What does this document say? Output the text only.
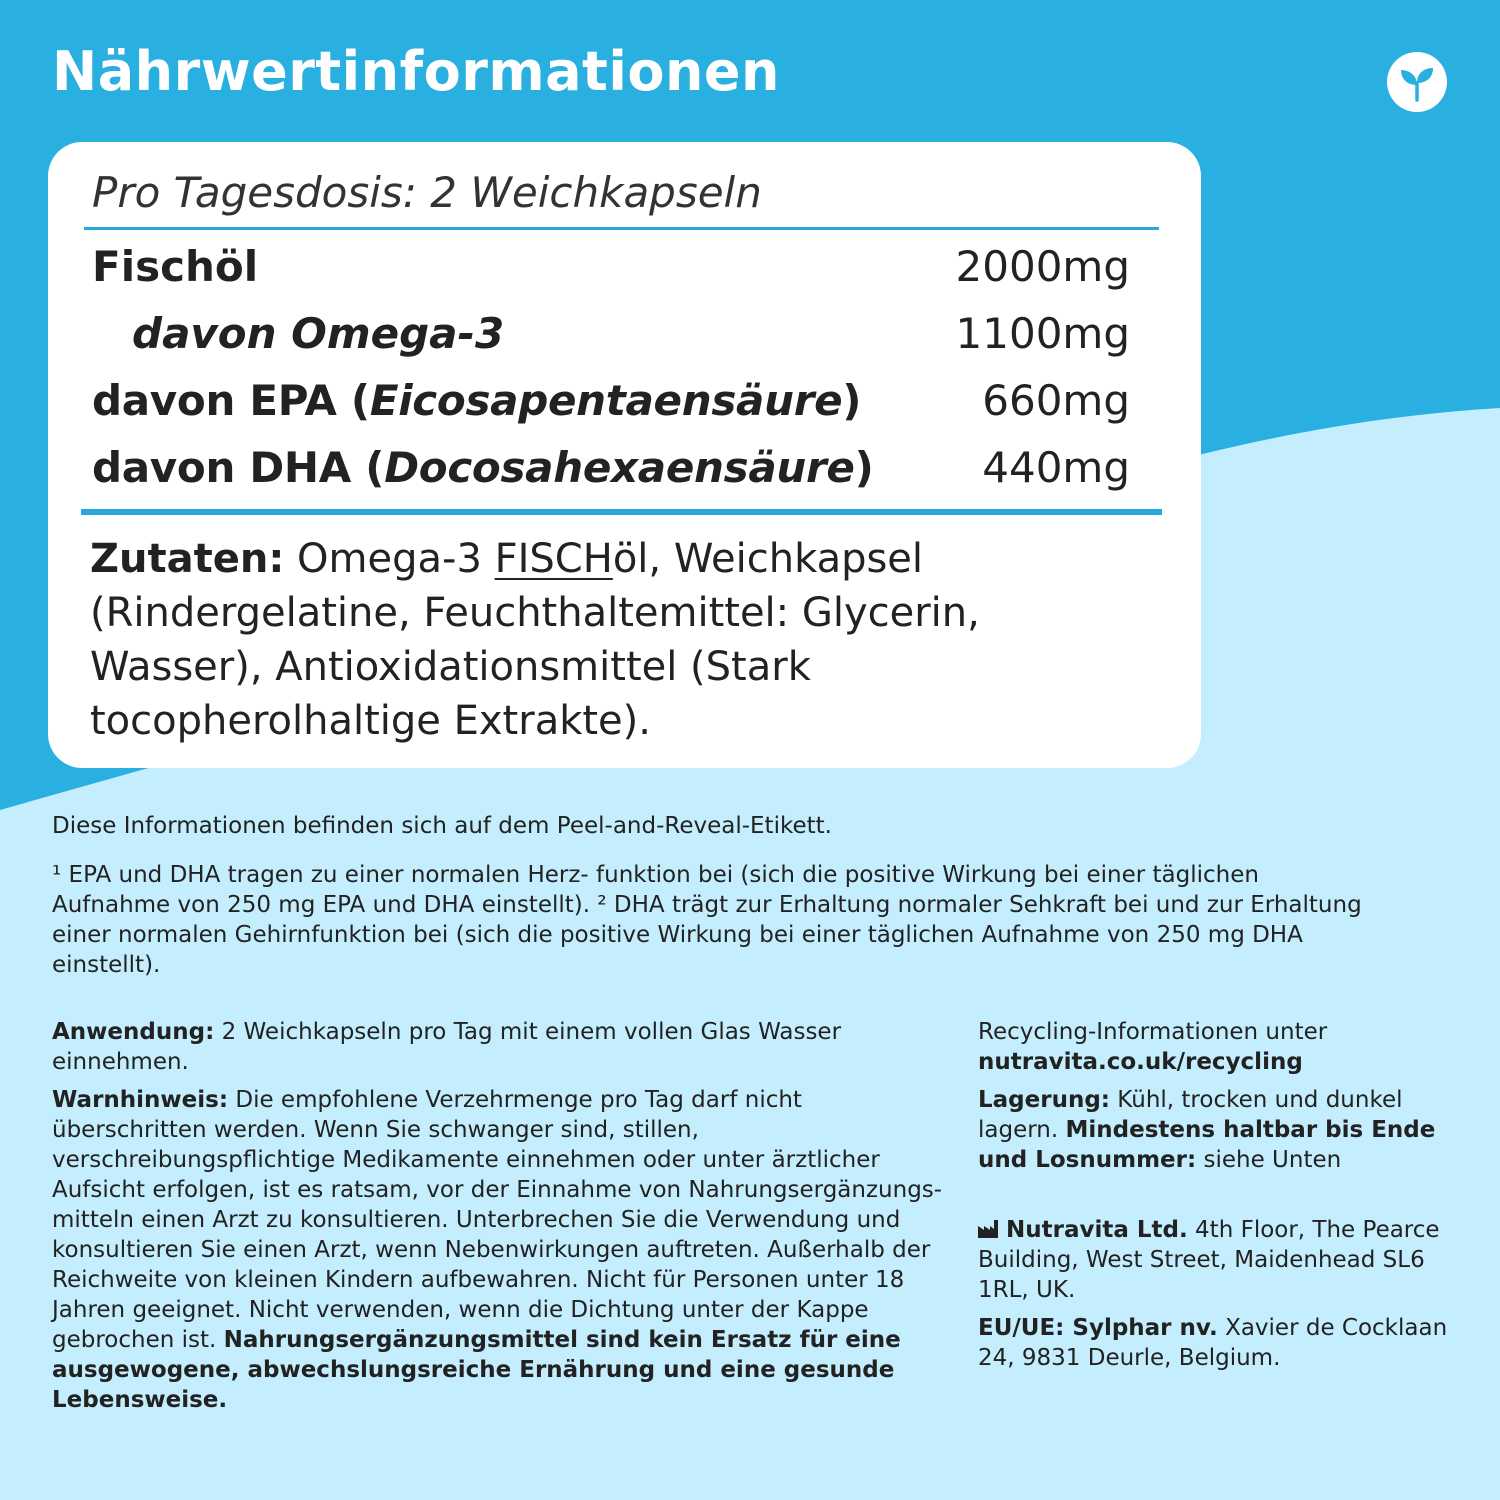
Nährwertinformationen
Pro Tagesdosis: 2 Weichkapseln
Fischöl	2000mg
davon Omega-3	1100mg
davon EPA (Eicosapentaensäure)	660mg
davon DHA (Docosahexaensäure)	440mg
Zutaten: Omega-3 FISCHöl, Weichkapsel (Rindergelatine, Feuchthaltemittel: Glycerin, Wasser), Antioxidationsmittel (Stark tocopherolhaltige Extrakte).
Diese Informationen befinden sich auf dem Peel-and-Reveal-Etikett.
¹ EPA und DHA tragen zu einer normalen Herz- funktion bei (sich die positive Wirkung bei einer täglichen Aufnahme von 250 mg EPA und DHA einstellt). ² DHA trägt zur Erhaltung normaler Sehkraft bei und zur Erhaltung einer normalen Gehirnfunktion bei (sich die positive Wirkung bei einer täglichen Aufnahme von 250 mg DHA einstellt).

Anwendung: 2 Weichkapseln pro Tag mit einem vollen Glas Wasser einnehmen.

Warnhinweis: Die empfohlene Verzehrmenge pro Tag darf nicht überschritten werden. Wenn Sie schwanger sind, stillen, verschreibungspflichtige Medikamente einnehmen oder unter ärztlicher Aufsicht erfolgen, ist es ratsam, vor der Einnahme von Nahrungsergänzungs- mitteln einen Arzt zu konsultieren. Unterbrechen Sie die Verwendung und konsultieren Sie einen Arzt, wenn Nebenwirkungen auftreten. Außerhalb der Reichweite von kleinen Kindern aufbewahren. Nicht für Personen unter 18 Jahren geeignet. Nicht verwenden, wenn die Dichtung unter der Kappe gebrochen ist. Nahrungsergänzungsmittel sind kein Ersatz für eine ausgewogene, abwechslungsreiche Ernährung und eine gesunde Lebensweise.

Recycling-Informationen unter nutravita.co.uk/recycling

Lagerung: Kühl, trocken und dunkel lagern. Mindestens haltbar bis Ende und Losnummer: siehe Unten

Nutravita Ltd. 4th Floor, The Pearce Building, West Street, Maidenhead SL6 1RL, UK.

EU/UE: Sylphar nv. Xavier de Cocklaan 24, 9831 Deurle, Belgium.
